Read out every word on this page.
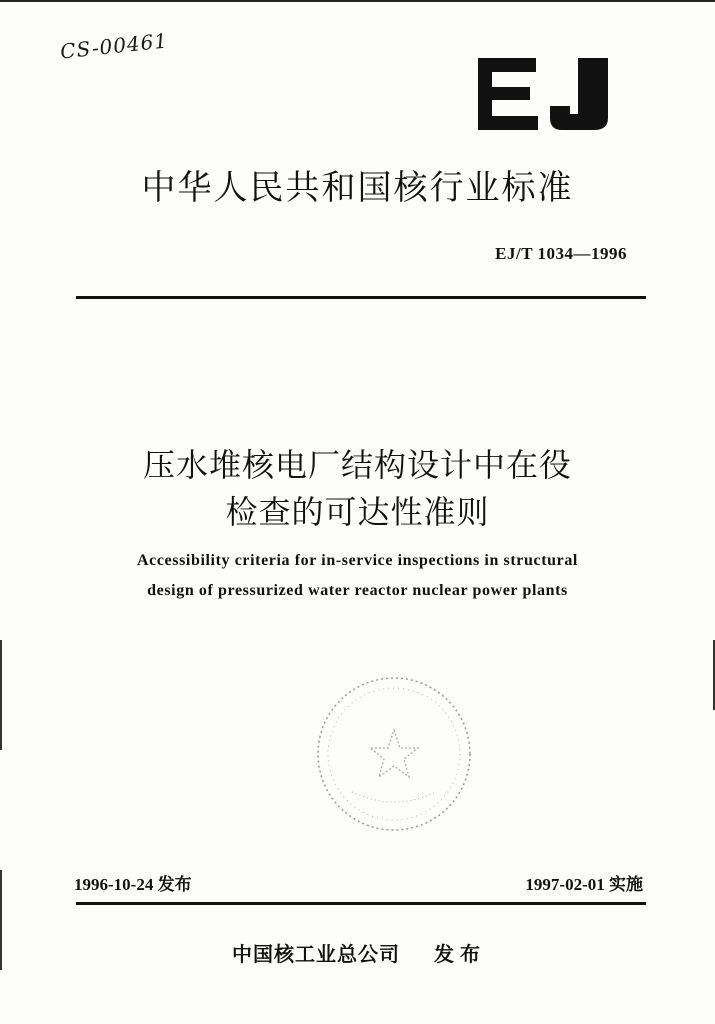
CS-00461
中华人民共和国核行业标准
EJ/T 1034—1996
压水堆核电厂结构设计中在役
检查的可达性准则
Accessibility criteria for in-service inspections in structural
design of pressurized water reactor nuclear power plants
1996-10-24 发布	1997-02-01 实施
中国核工业总公司 发布
